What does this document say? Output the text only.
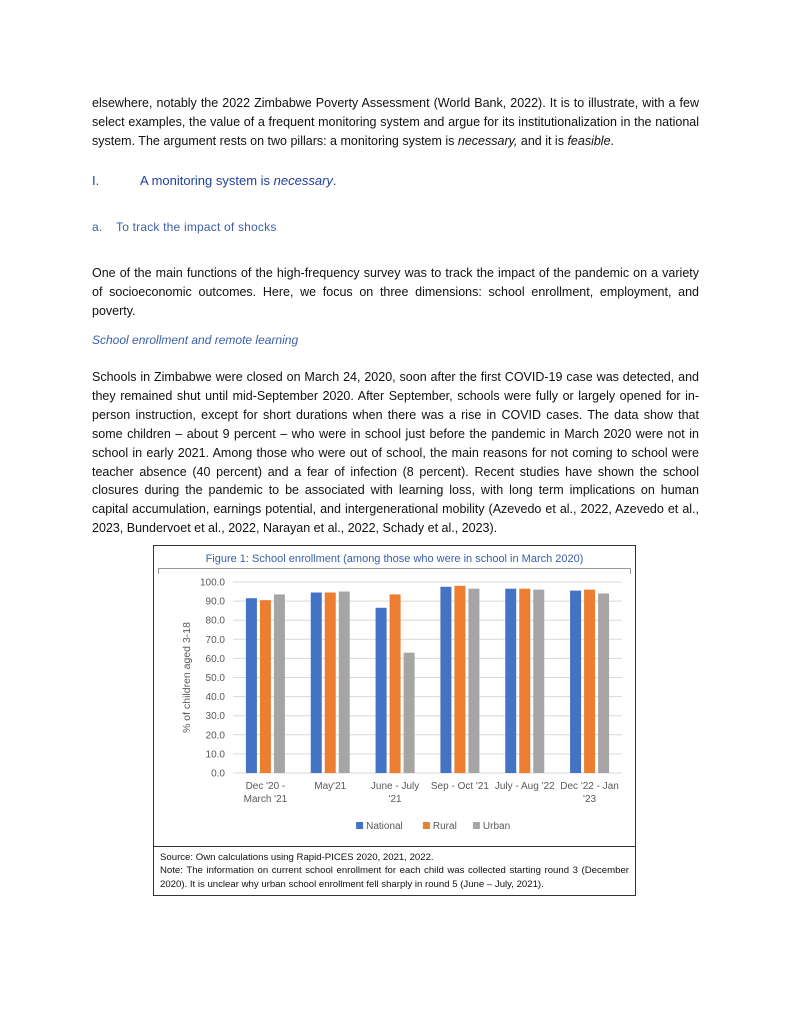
elsewhere, notably the 2022 Zimbabwe Poverty Assessment (World Bank, 2022). It is to illustrate, with a few select examples, the value of a frequent monitoring system and argue for its institutionalization in the national system. The argument rests on two pillars: a monitoring system is necessary, and it is feasible.

I.	A monitoring system is necessary.

a. To track the impact of shocks

One of the main functions of the high-frequency survey was to track the impact of the pandemic on a variety of socioeconomic outcomes. Here, we focus on three dimensions: school enrollment, employment, and poverty.

School enrollment and remote learning

Schools in Zimbabwe were closed on March 24, 2020, soon after the first COVID-19 case was detected, and they remained shut until mid-September 2020. After September, schools were fully or largely opened for in-person instruction, except for short durations when there was a rise in COVID cases. The data show that some children – about 9 percent – who were in school just before the pandemic in March 2020 were not in school in early 2021. Among those who were out of school, the main reasons for not coming to school were teacher absence (40 percent) and a fear of infection (8 percent). Recent studies have shown the school closures during the pandemic to be associated with learning loss, with long term implications on human capital accumulation, earnings potential, and intergenerational mobility (Azevedo et al., 2022, Azevedo et al., 2023, Bundervoet et al., 2022, Narayan et al., 2022, Schady et al., 2023).

Figure 1: School enrollment (among those who were in school in March 2020)
100.0
90.0
80.0
70.0
60.0
50.0
40.0
30.0
20.0
10.0
0.0
% of children aged 3-18
Dec '20 -
March '21
May'21 June - July
'21
Sep - Oct '21 July - Aug '22 Dec '22 - Jan
'23
National	Rural	Urban
Source: Own calculations using Rapid-PICES 2020, 2021, 2022.
Note: The information on current school enrollment for each child was collected starting round 3 (December 2020). It is unclear why urban school enrollment fell sharply in round 5 (June – July, 2021).
